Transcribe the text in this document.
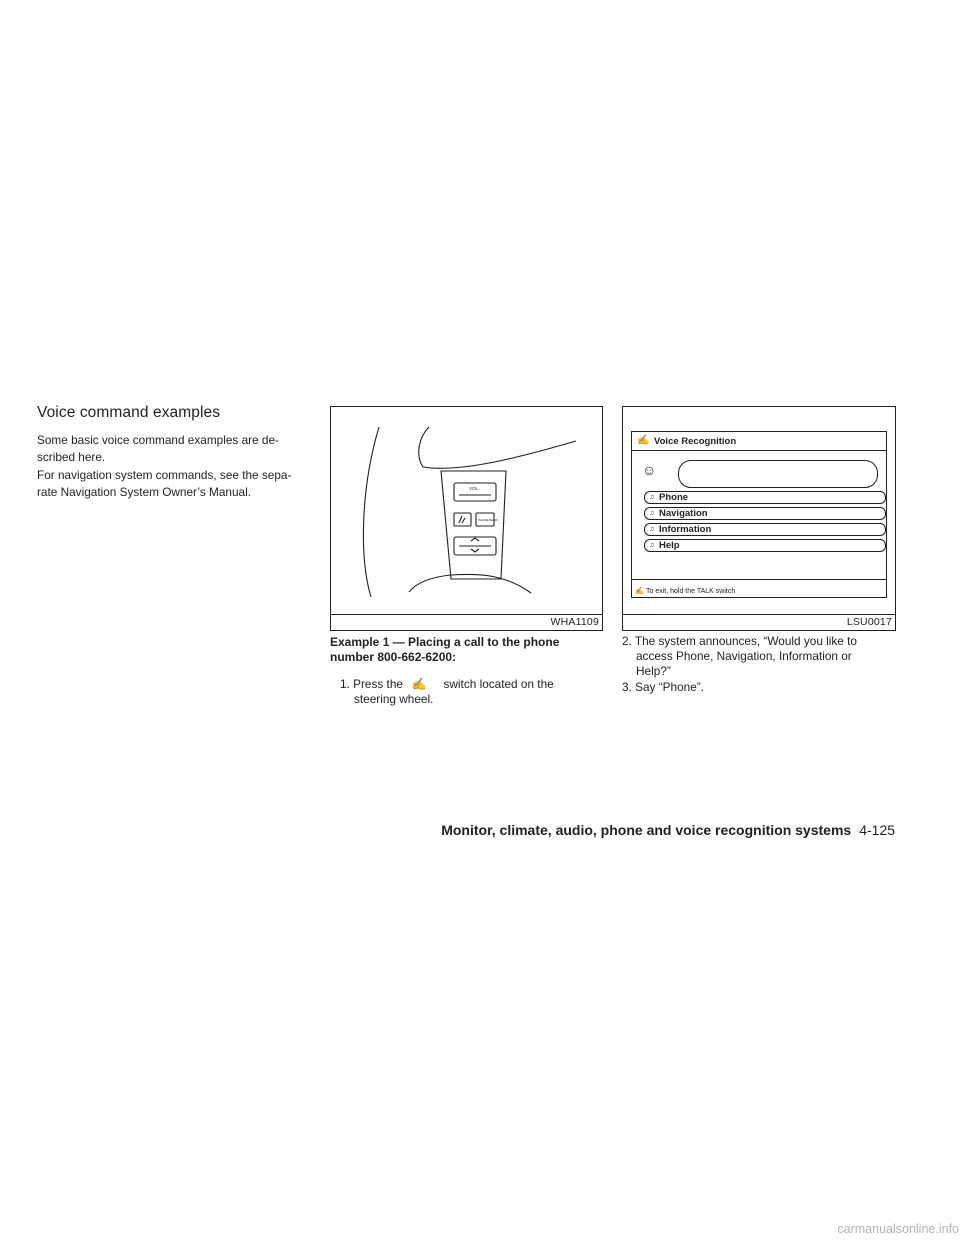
Voice command examples

Some basic voice command examples are de-scribed here.

For navigation system commands, see the sepa-rate Navigation System Owner’s Manual.	VOL
PHONE/SEND
WHA1109
✍ Voice Recognition
☺
♫ Phone
♫ Navigation
♫ Information
♫ Help
✍ To exit, hold the TALK switch
LSU0017

Example 1 — Placing a call to the phone number 800-662-6200:

1. Press the ✍ switch located on the
steering wheel.
2. The system announces, “Would you like to
access Phone, Navigation, Information or
Help?”
3. Say “Phone”.
Monitor, climate, audio, phone and voice recognition systems 4-125
carmanualsonline.info
